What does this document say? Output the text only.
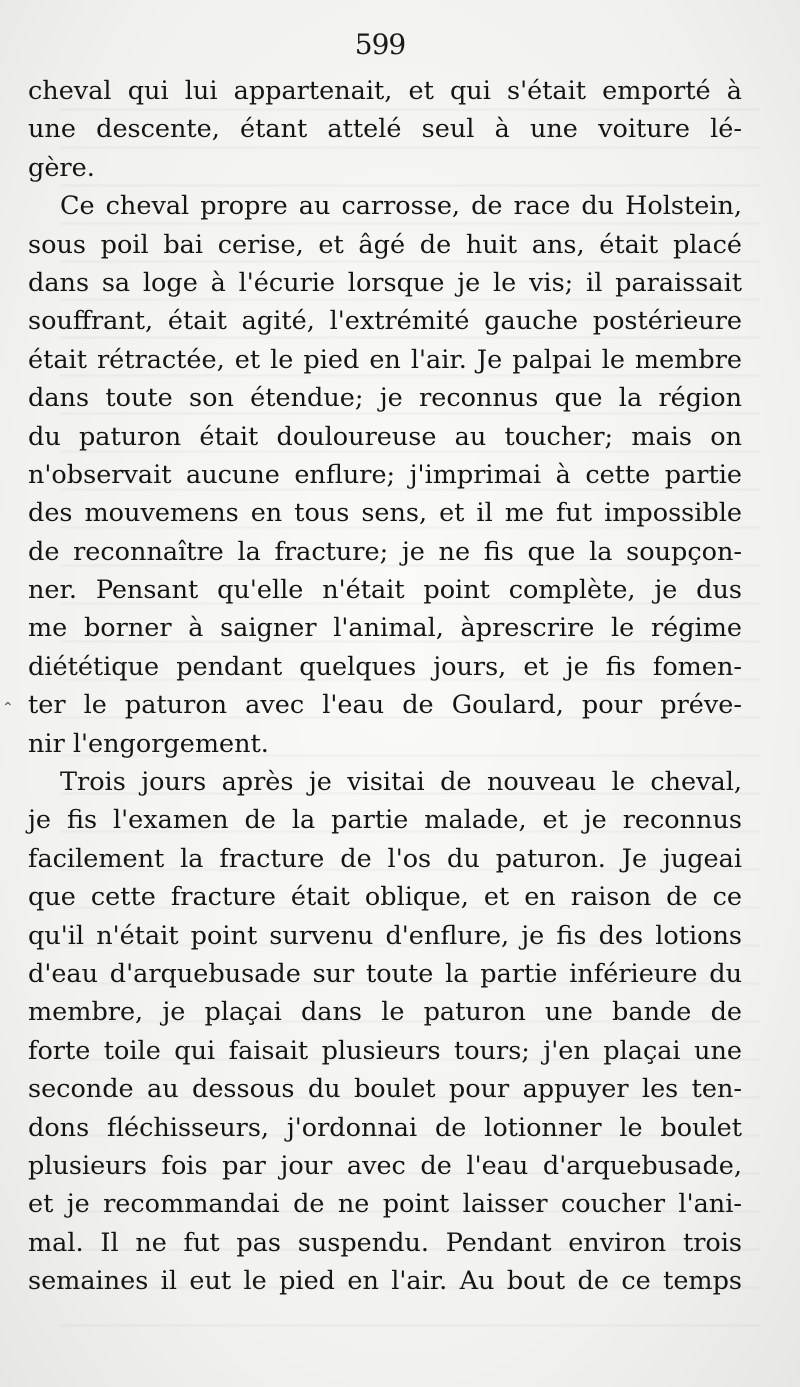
⌃
599
cheval qui lui appartenait, et qui s'était emporté à
une descente, étant attelé seul à une voiture lé-
gère.
Ce cheval propre au carrosse, de race du Holstein,
sous poil bai cerise, et âgé de huit ans, était placé
dans sa loge à l'écurie lorsque je le vis; il paraissait
souffrant, était agité, l'extrémité gauche postérieure
était rétractée, et le pied en l'air. Je palpai le membre
dans toute son étendue; je reconnus que la région
du paturon était douloureuse au toucher; mais on
n'observait aucune enflure; j'imprimai à cette partie
des mouvemens en tous sens, et il me fut impossible
de reconnaître la fracture; je ne fis que la soupçon-
ner. Pensant qu'elle n'était point complète, je dus
me borner à saigner l'animal, àprescrire le régime
diététique pendant quelques jours, et je fis fomen-
ter le paturon avec l'eau de Goulard, pour préve-
nir l'engorgement.
Trois jours après je visitai de nouveau le cheval,
je fis l'examen de la partie malade, et je reconnus
facilement la fracture de l'os du paturon. Je jugeai
que cette fracture était oblique, et en raison de ce
qu'il n'était point survenu d'enflure, je fis des lotions
d'eau d'arquebusade sur toute la partie inférieure du
membre, je plaçai dans le paturon une bande de
forte toile qui faisait plusieurs tours; j'en plaçai une
seconde au dessous du boulet pour appuyer les ten-
dons fléchisseurs, j'ordonnai de lotionner le boulet
plusieurs fois par jour avec de l'eau d'arquebusade,
et je recommandai de ne point laisser coucher l'ani-
mal. Il ne fut pas suspendu. Pendant environ trois
semaines il eut le pied en l'air. Au bout de ce temps
